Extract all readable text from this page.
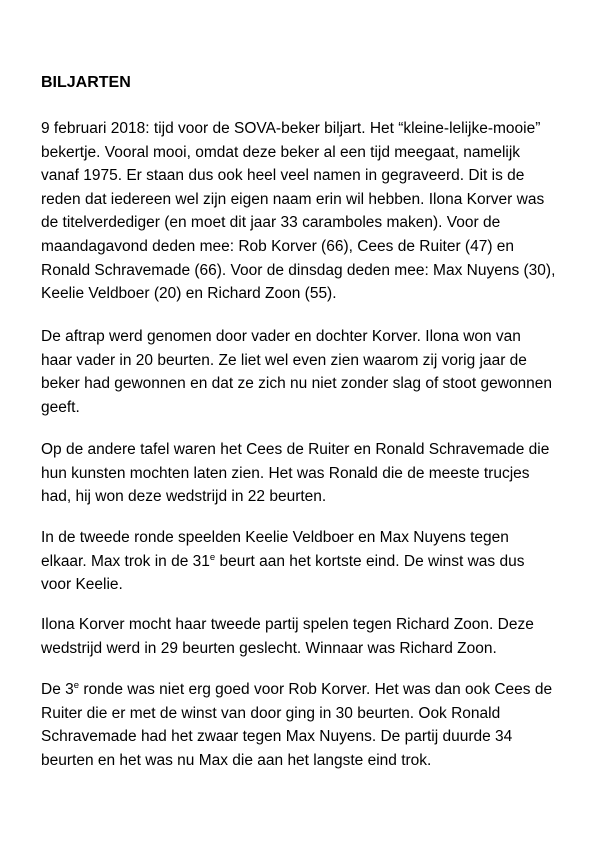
BILJARTEN

9 februari 2018: tijd voor de SOVA-beker biljart. Het “kleine-lelijke-mooie”
bekertje. Vooral mooi, omdat deze beker al een tijd meegaat, namelijk
vanaf 1975. Er staan dus ook heel veel namen in gegraveerd. Dit is de
reden dat iedereen wel zijn eigen naam erin wil hebben. Ilona Korver was
de titelverdediger (en moet dit jaar 33 caramboles maken). Voor de
maandagavond deden mee: Rob Korver (66), Cees de Ruiter (47) en
Ronald Schravemade (66). Voor de dinsdag deden mee: Max Nuyens (30),
Keelie Veldboer (20) en Richard Zoon (55).

De aftrap werd genomen door vader en dochter Korver. Ilona won van
haar vader in 20 beurten. Ze liet wel even zien waarom zij vorig jaar de
beker had gewonnen en dat ze zich nu niet zonder slag of stoot gewonnen
geeft.

Op de andere tafel waren het Cees de Ruiter en Ronald Schravemade die
hun kunsten mochten laten zien. Het was Ronald die de meeste trucjes
had, hij won deze wedstrijd in 22 beurten.

In de tweede ronde speelden Keelie Veldboer en Max Nuyens tegen
elkaar. Max trok in de 31e beurt aan het kortste eind. De winst was dus
voor Keelie.

Ilona Korver mocht haar tweede partij spelen tegen Richard Zoon. Deze
wedstrijd werd in 29 beurten geslecht. Winnaar was Richard Zoon.

De 3e ronde was niet erg goed voor Rob Korver. Het was dan ook Cees de
Ruiter die er met de winst van door ging in 30 beurten. Ook Ronald
Schravemade had het zwaar tegen Max Nuyens. De partij duurde 34
beurten en het was nu Max die aan het langste eind trok.
